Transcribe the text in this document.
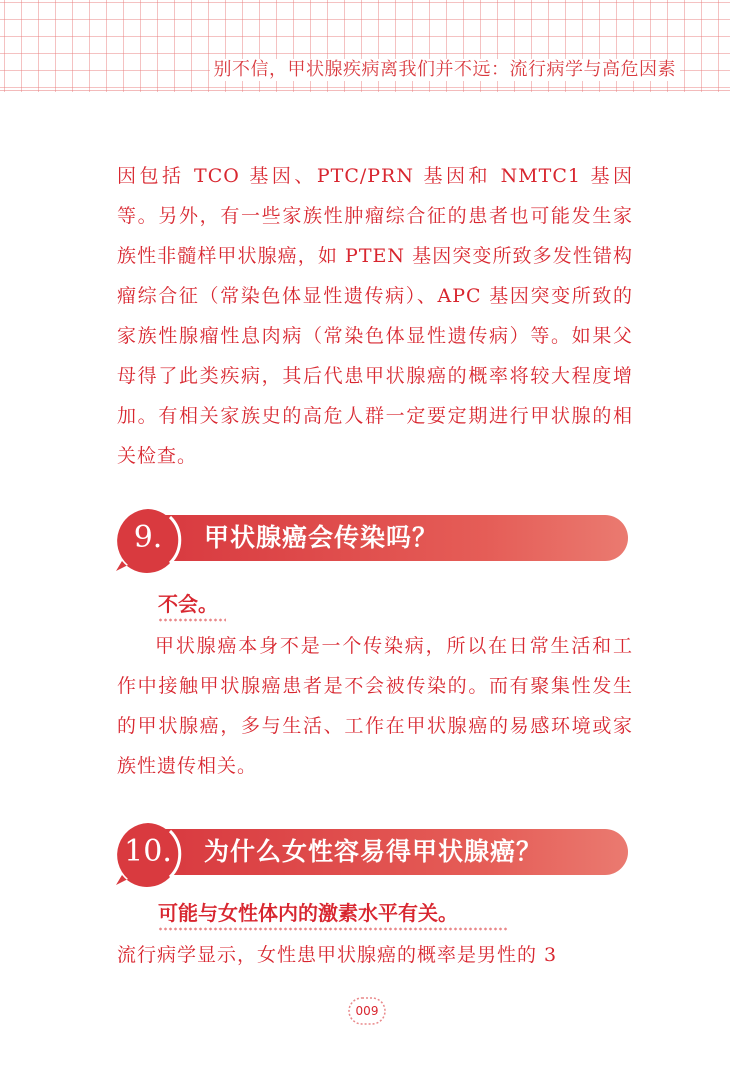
别不信，甲状腺疾病离我们并不远：流行病学与高危因素
因包括 TCO 基因、PTC/PRN 基因和 NMTC1 基因等。另外，有一些家族性肿瘤综合征的患者也可能发生家族性非髓样甲状腺癌，如 PTEN 基因突变所致多发性错构瘤综合征（常染色体显性遗传病）、APC 基因突变所致的家族性腺瘤性息肉病（常染色体显性遗传病）等。如果父母得了此类疾病，其后代患甲状腺癌的概率将较大程度增加。有相关家族史的高危人群一定要定期进行甲状腺的相关检查。
9.	甲状腺癌会传染吗？
不会。
甲状腺癌本身不是一个传染病，所以在日常生活和工作中接触甲状腺癌患者是不会被传染的。而有聚集性发生的甲状腺癌，多与生活、工作在甲状腺癌的易感环境或家族性遗传相关。
10.	为什么女性容易得甲状腺癌？
可能与女性体内的激素水平有关。
流行病学显示，女性患甲状腺癌的概率是男性的 3
009
